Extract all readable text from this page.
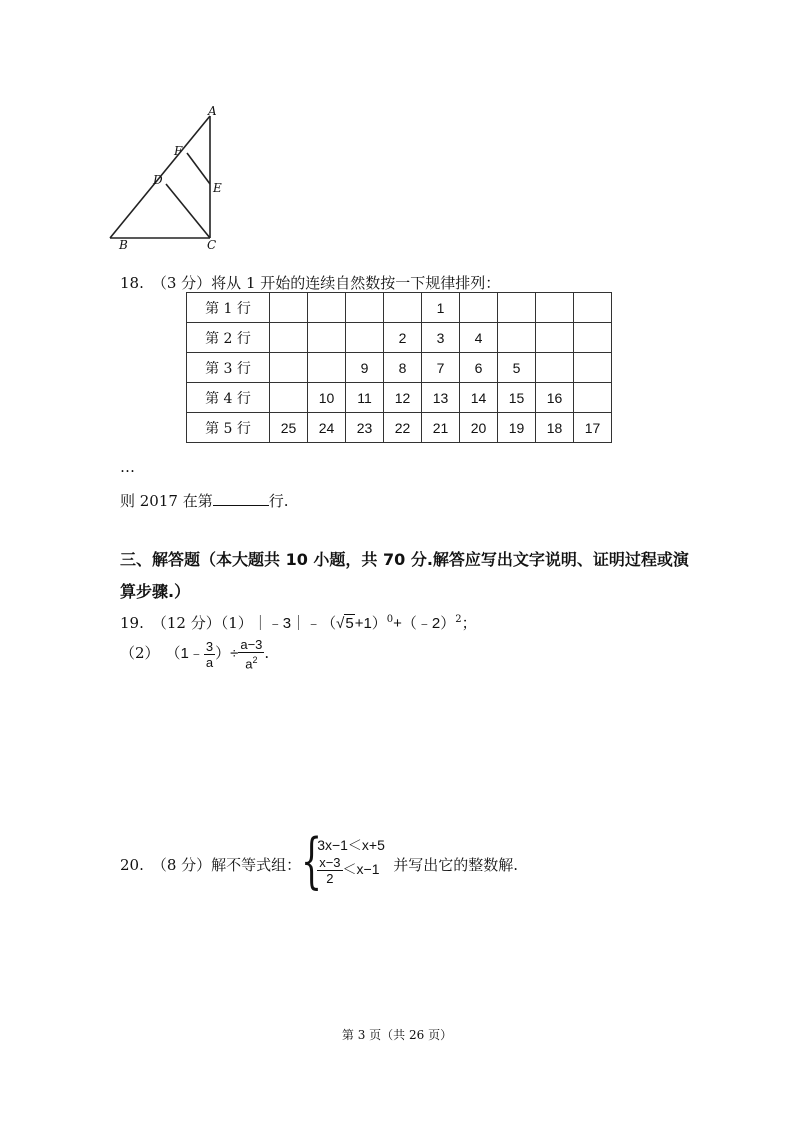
A
F
D
E
B	C
18. （3 分）将从 1 开始的连续自然数按一下规律排列：
第 1 行					1				
第 2 行				2	3	4			
第 3 行			9	8	7	6	5		
第 4 行		10	11	12	13	14	15	16	
第 5 行	25	24	23	22	21	20	19	18	17
…
则 2017 在第	行.
三、解答题（本大题共 10 小题，共 70 分.解答应写出文字说明、证明过程或演
算步骤.）
19. （12 分）$(1)|﹣3|﹣(√5+1)^0+(﹣2)^2$；
（2） （1﹣ $\frac{3}{a}$ ）÷ $\frac{a-3}{a^2}$ .
20. （8 分）解不等式组： {
3x−1＜x+5
$\frac{x-3}{2} <x-1$ 并写出它的整数解.
第 3 页（共 26 页）
